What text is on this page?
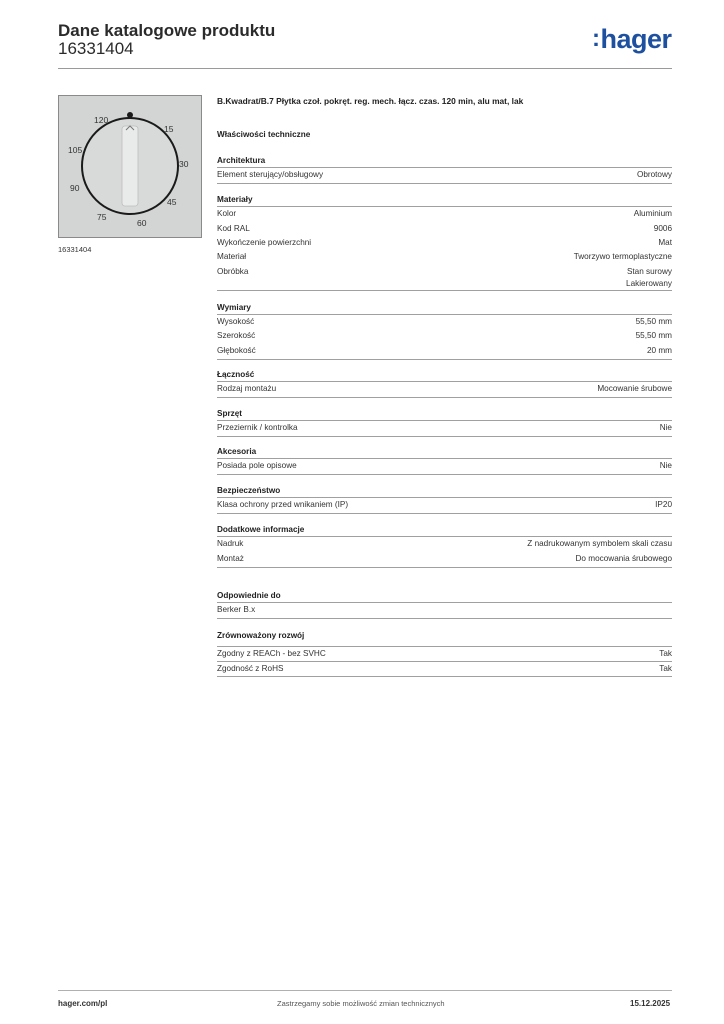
Dane katalogowe produktu
16331404	:hager
120
15
30
45
60
75
90
105
16331404
B.Kwadrat/B.7 Płytka czoł. pokręt. reg. mech. łącz. czas. 120 min, alu mat, lak
Właściwości techniczne
Architektura
Element sterujący/obsługowy	Obrotowy
Materiały
Kolor	Aluminium
Kod RAL	9006
Wykończenie powierzchni	Mat
Materiał	Tworzywo termoplastyczne
Obróbka	Stan surowy
Lakierowany
Wymiary
Wysokość	55,50 mm
Szerokość	55,50 mm
Głębokość	20 mm
Łączność
Rodzaj montażu	Mocowanie śrubowe
Sprzęt
Przeziernik / kontrolka	Nie
Akcesoria
Posiada pole opisowe	Nie
Bezpieczeństwo
Klasa ochrony przed wnikaniem (IP)	IP20
Dodatkowe informacje
Nadruk	Z nadrukowanym symbolem skali czasu
Montaż	Do mocowania śrubowego
Odpowiednie do
Berker B.x
Zrównoważony rozwój
Zgodny z REACh - bez SVHC	Tak
Zgodność z RoHS	Tak
hager.com/pl	Zastrzegamy sobie możliwość zmian technicznych	15.12.2025
